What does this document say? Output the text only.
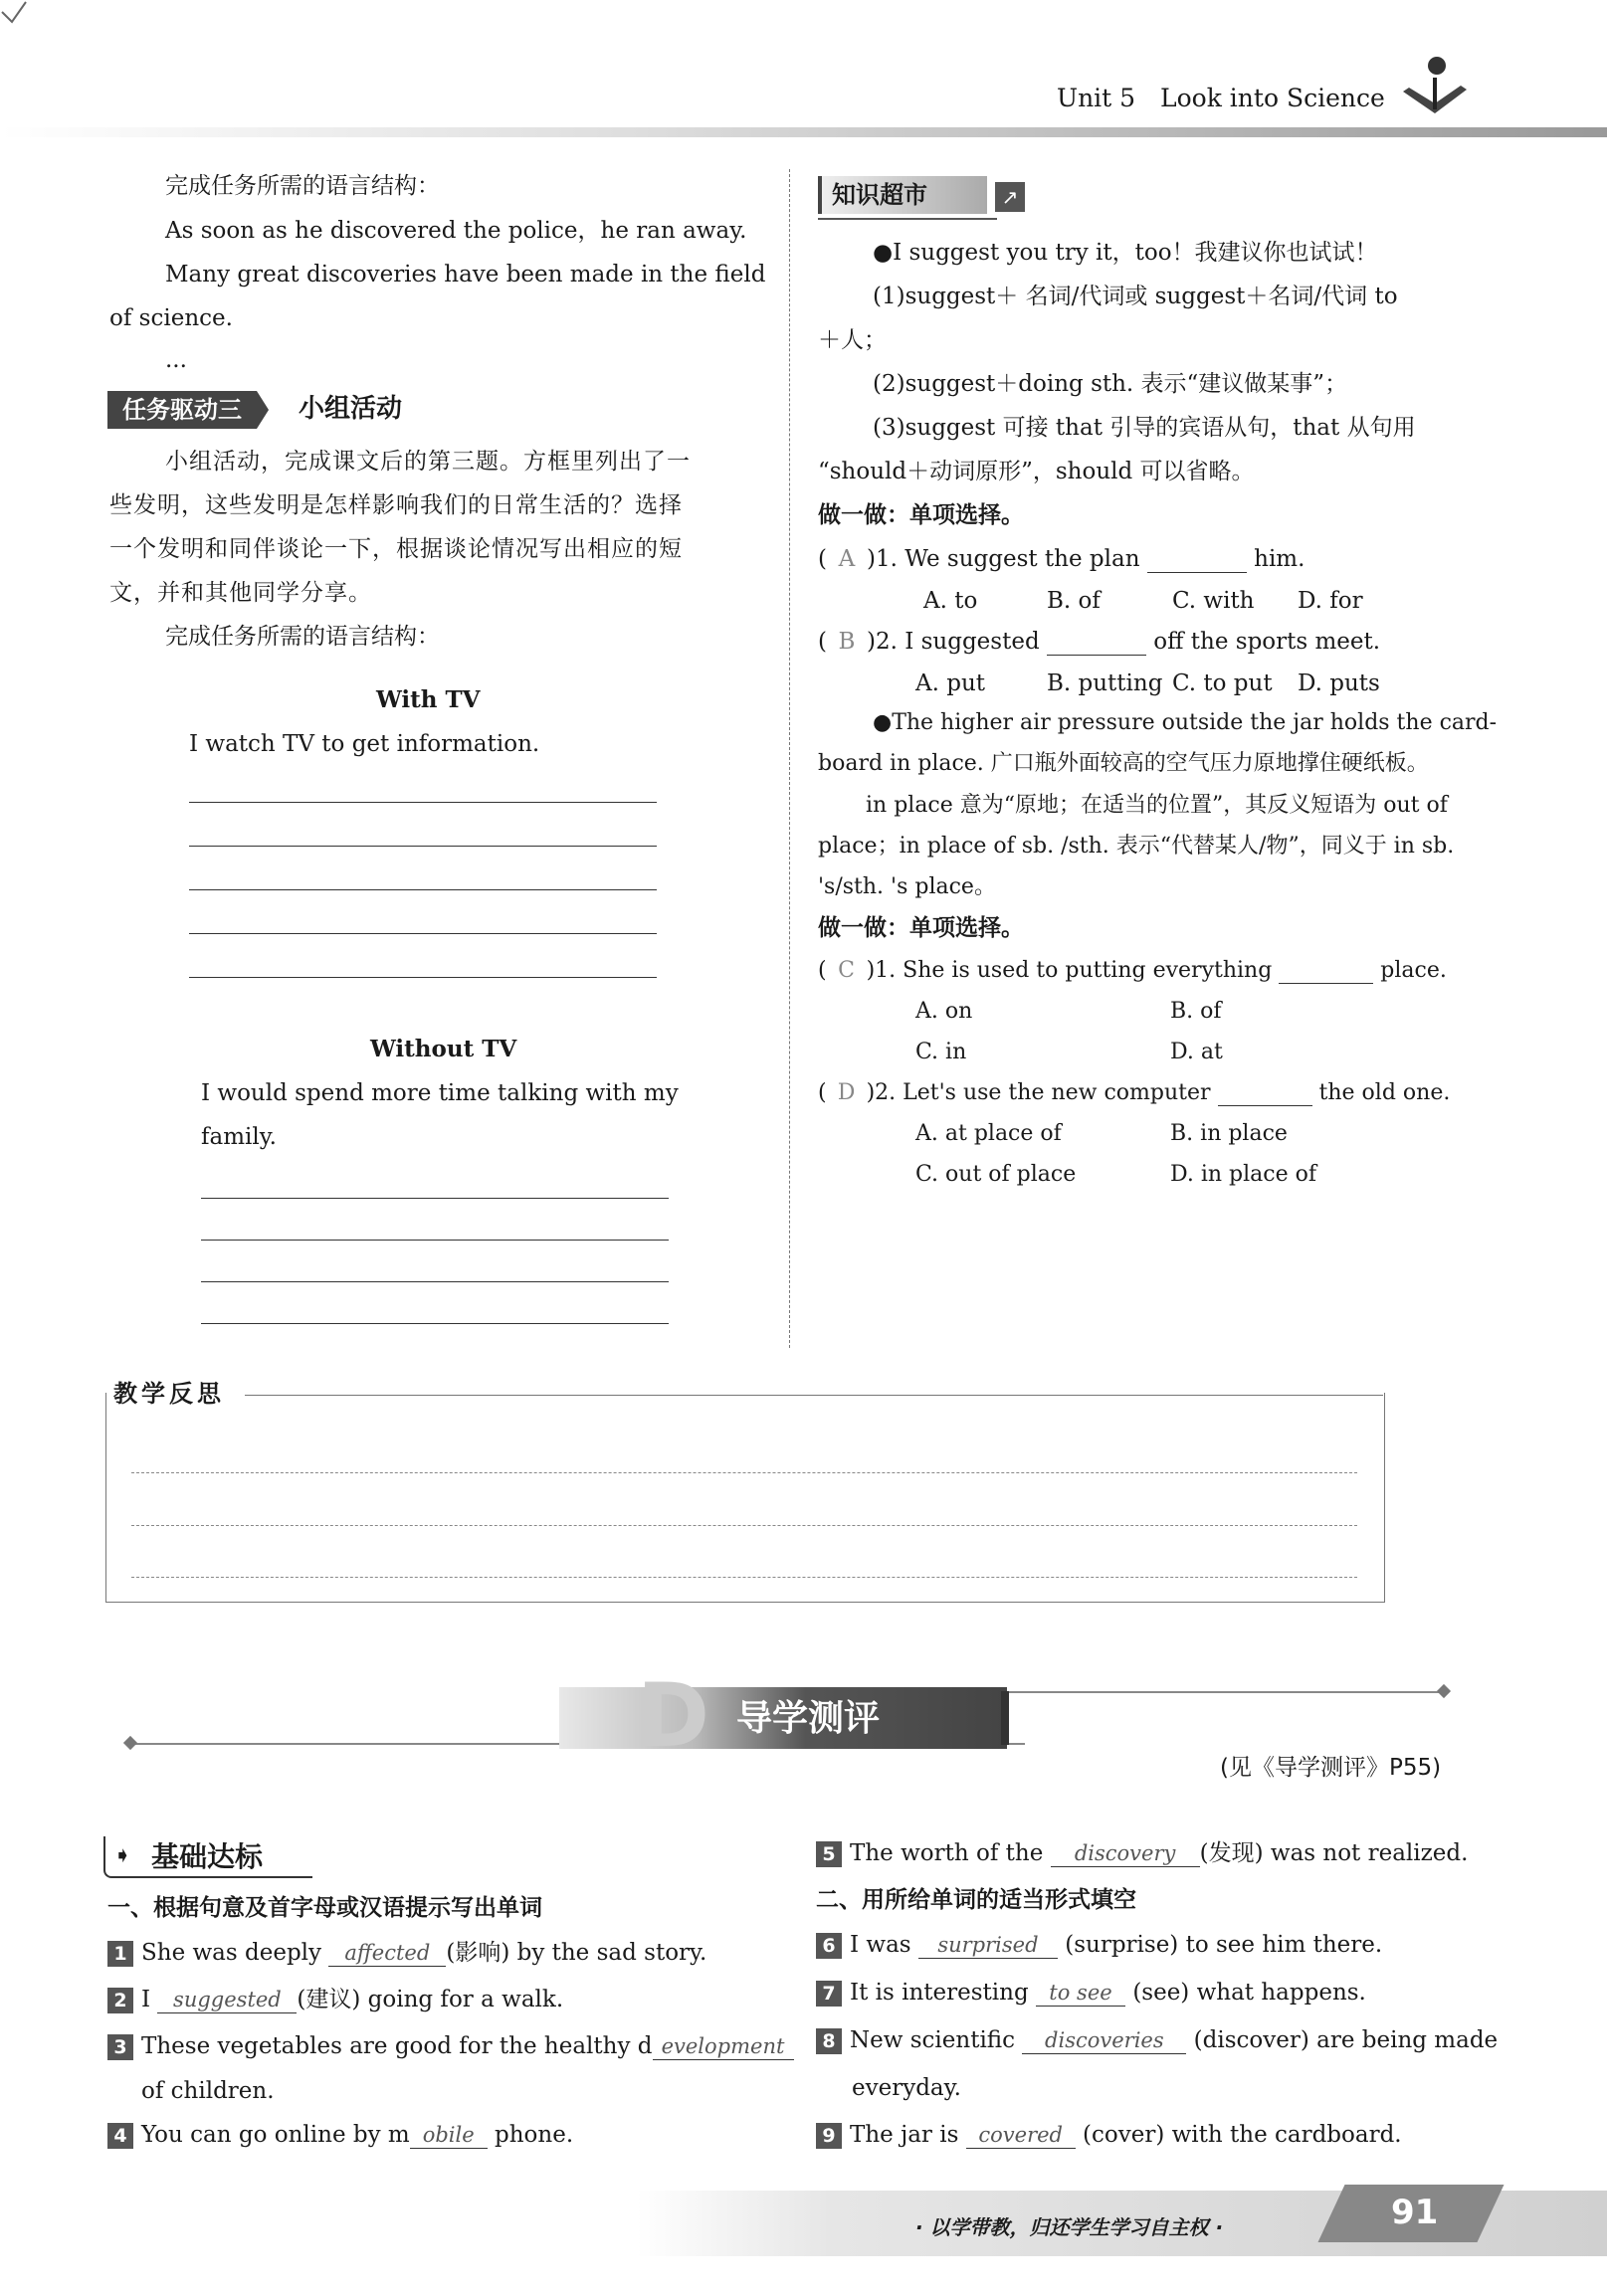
Unit 5 Look into Science
完成任务所需的语言结构：
As soon as he discovered the police，he ran away.
Many great discoveries have been made in the field
of science.
...
任务驱动三	小组活动
小组活动，完成课文后的第三题。方框里列出了一
些发明，这些发明是怎样影响我们的日常生活的？选择
一个发明和同伴谈论一下，根据谈论情况写出相应的短
文，并和其他同学分享。
完成任务所需的语言结构：
With TV
I watch TV to get information.
Without TV
I would spend more time talking with my
family.
知识超市	↗
●I suggest you try it，too！我建议你也试试！
(1)suggest＋ 名词/代词或 suggest＋名词/代词 to
＋人；
(2)suggest＋doing sth. 表示“建议做某事”；
(3)suggest 可接 that 引导的宾语从句，that 从句用
“should＋动词原形”，should 可以省略。
做一做：单项选择。
( A )1. We suggest the plan	him.
A. to	B. of	C. with D. for
( B )2. I suggested	off the sports meet.
A. put	B. putting C. to put D. puts
●The higher air pressure outside the jar holds the card-
board in place. 广口瓶外面较高的空气压力原地撑住硬纸板。
in place 意为“原地；在适当的位置”，其反义短语为 out of
place；in place of sb. /sth. 表示“代替某人/物”，同义于 in sb.
's/sth. 's place。
做一做：单项选择。
( C )1. She is used to putting everything	place.
A. on	B. of
C. in	D. at
( D )2. Let's use the new computer	the old one.
A. at place of	B. in place
C. out of place	D. in place of
教学反思
D 导学测评
(见《导学测评》P55)
➧ 基础达标
一、根据句意及首字母或汉语提示写出单词
1 She was deeply affected (影响) by the sad story.
2 I suggested (建议) going for a walk.
3 These vegetables are good for the healthy d evelopment
of children.
4 You can go online by m obile phone.
5 The worth of the discovery (发现) was not realized.
二、用所给单词的适当形式填空
6 I was surprised (surprise) to see him there.
7 It is interesting to see (see) what happens.
8 New scientific discoveries (discover) are being made
everyday.
9 The jar is covered (cover) with the cardboard.
· 以学带教，归还学生学习自主权 ·	91
